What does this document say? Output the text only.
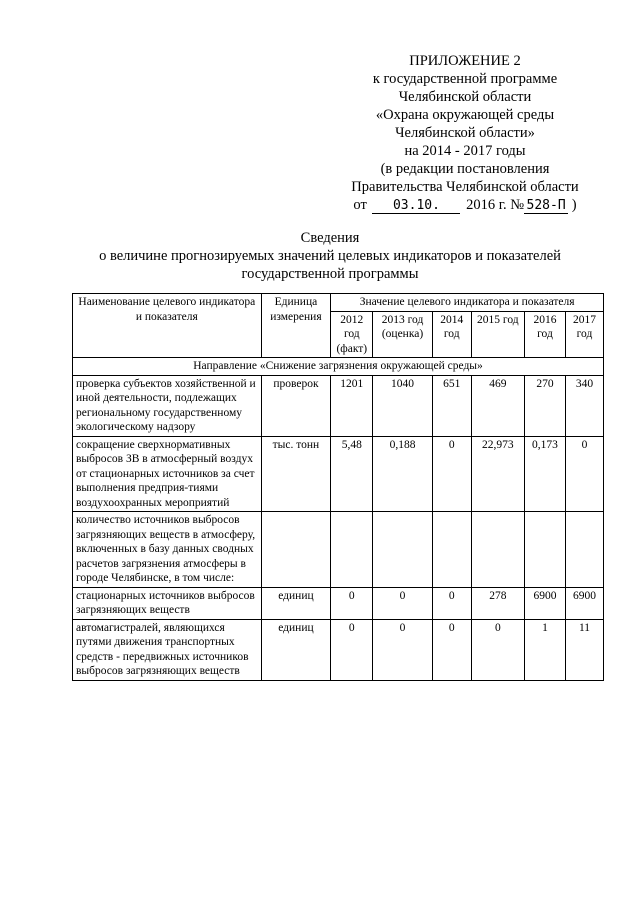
ПРИЛОЖЕНИЕ 2
к государственной программе
Челябинской области
«Охрана окружающей среды
Челябинской области»
на 2014 - 2017 годы
(в редакции постановления
Правительства Челябинской области
от 03.10. 2016 г. № 528-П )
Сведения
о величине прогнозируемых значений целевых индикаторов и показателей
государственной программы
Наименование целевого индикатора и показателя	Единица измерения	Значение целевого индикатора и показателя					
		2012 год (факт)	2013 год (оценка)	2014 год	2015 год	2016 год	2017 год
Направление «Снижение загрязнения окружающей среды»							
проверка субъектов хозяйственной и иной деятельности, подлежащих региональному государственному экологическому надзору	проверок	1201	1040	651	469	270	340
сокращение сверхнормативных выбросов ЗВ в атмосферный воздух от стационарных источников за счет выполнения предприя-тиями воздухоохранных мероприятий	тыс. тонн	5,48	0,188	0	22,973	0,173	0
количество источников выбросов загрязняющих веществ в атмосферу, включенных в базу данных сводных расчетов загрязнения атмосферы в городе Челябинске, в том числе:							
стационарных источников выбросов загрязняющих веществ	единиц	0	0	0	278	6900	6900
автомагистралей, являющихся путями движения транспортных средств - передвижных источников выбросов загрязняющих веществ	единиц	0	0	0	0	1	11
